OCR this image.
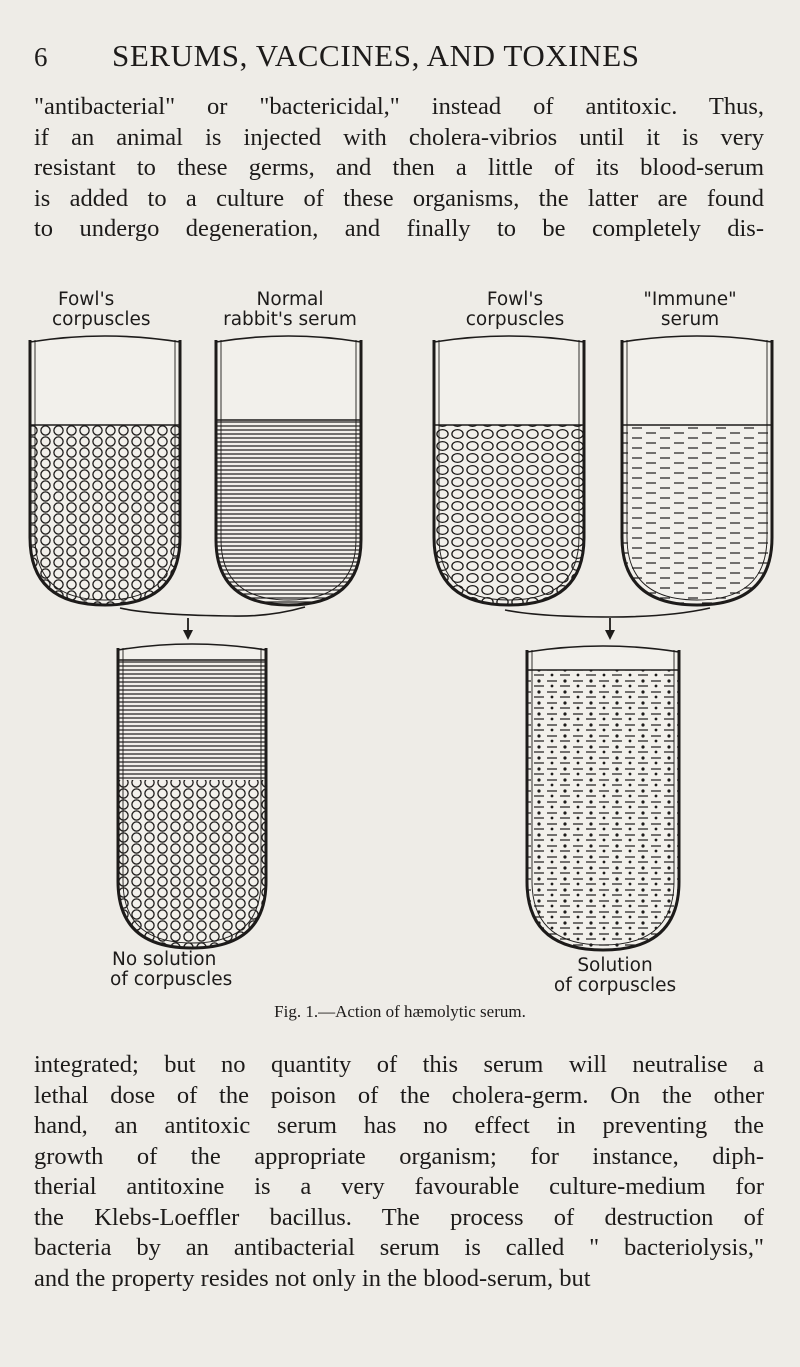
6 SERUMS, VACCINES, AND TOXINES

"antibacterial" or "bactericidal," instead of antitoxic. Thus,
if an animal is injected with cholera-vibrios until it is very
resistant to these germs, and then a little of its blood-serum
is added to a culture of these organisms, the latter are found
to undergo degeneration, and finally to be completely dis-

Fowl's
corpuscles
Normal
rabbit's serum
Fowl's
corpuscles
"Immune"
serum
No solution
of corpuscles
Solution
of corpuscles
Fig. 1.—Action of hæmolytic serum.

integrated; but no quantity of this serum will neutralise a
lethal dose of the poison of the cholera-germ. On the other
hand, an antitoxic serum has no effect in preventing the
growth of the appropriate organism; for instance, diph-
therial antitoxine is a very favourable culture-medium for
the Klebs-Loeffler bacillus. The process of destruction of
bacteria by an antibacterial serum is called " bacteriolysis,"
and the property resides not only in the blood-serum, but
